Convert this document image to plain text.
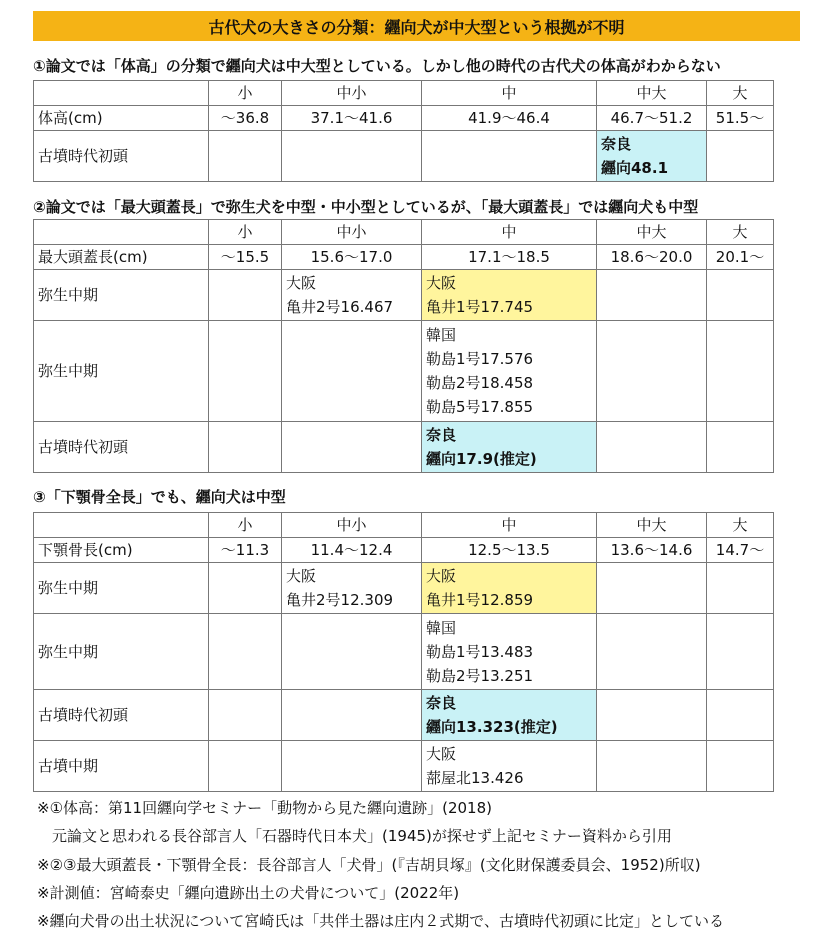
古代犬の大きさの分類：纒向犬が中大型という根拠が不明
①論文では「体高」の分類で纒向犬は中大型としている。しかし他の時代の古代犬の体高がわからない
	小	中小	中	中大	大
体高(cm)	～36.8	37.1～41.6	41.9～46.4	46.7～51.2	51.5～
古墳時代初頭				奈良
纒向48.1	

②論文では「最大頭蓋長」で弥生犬を中型・中小型としているが、「最大頭蓋長」では纒向犬も中型
	小	中小	中	中大	大
最大頭蓋長(cm)	～15.5	15.6～17.0	17.1～18.5	18.6～20.0	20.1～
弥生中期		大阪
亀井2号16.467	大阪
亀井1号17.745		

弥生中期			韓国
勒島1号17.576
勒島2号18.458
勒島5号17.855		

古墳時代初頭			奈良
纒向17.9(推定)		

③「下顎骨全長」でも、纒向犬は中型
	小	中小	中	中大	大
下顎骨長(cm)	～11.3	11.4～12.4	12.5～13.5	13.6～14.6	14.7～
弥生中期		大阪
亀井2号12.309	大阪
亀井1号12.859		

弥生中期			韓国
勒島1号13.483
勒島2号13.251		

古墳時代初頭			奈良
纒向13.323(推定)		

古墳中期			大阪
蔀屋北13.426		

※①体高：第11回纒向学セミナー「動物から見た纒向遺跡」(2018)
元論文と思われる長谷部言人「石器時代日本犬」(1945)が探せず上記セミナー資料から引用
※②③最大頭蓋長・下顎骨全長：長谷部言人「犬骨」(『吉胡貝塚』(文化財保護委員会、1952)所収)
※計測値：宮崎泰史「纒向遺跡出土の犬骨について」(2022年)
※纒向犬骨の出土状況について宮崎氏は「共伴土器は庄内２式期で、古墳時代初頭に比定」としている
